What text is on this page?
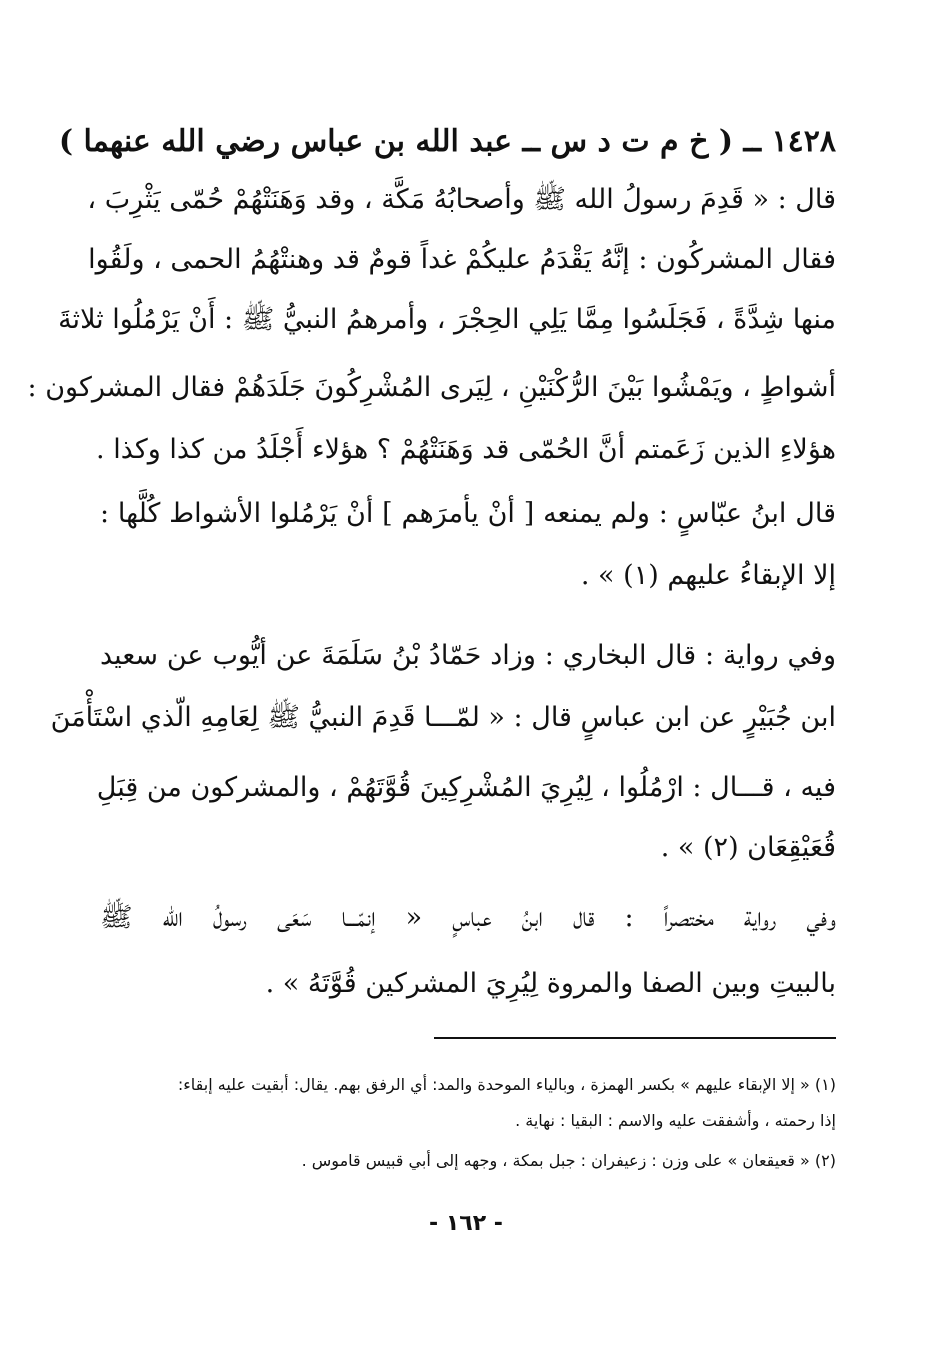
١٤٢٨ ــ ( خ م ت د س ــ عبد الله بن عباس رضي الله عنهما )
قال : « قَدِمَ رسولُ الله ﷺ وأصحابُهُ مَكَّة ، وقد وَهَنَتْهُمْ حُمّى يَثْرِبَ ،
فقال المشركُون : إنَّهُ يَقْدَمُ عليكُمْ غداً قومٌ قد وهنتْهُمُ الحمى ، ولَقُوا
منها شِدَّةً ، فَجَلَسُوا مِمَّا يَلِي الحِجْرَ ، وأمرهمُ النبيُّ ﷺ : أَنْ يَرْمُلُوا ثلاثةَ
أشواطٍ ، ويَمْشُوا بَيْنَ الرُّكْنَيْنِ ، لِيَرى المُشْرِكُونَ جَلَدَهُمْ فقال المشركون :
هؤلاءِ الذين زَعَمتم أنَّ الحُمّى قد وَهَنَتْهُمْ ؟ هؤلاء أَجْلَدُ من كذا وكذا .
قال ابنُ عبّاسٍ : ولم يمنعه [ أنْ يأمرَهم ] أنْ يَرْمُلوا الأشواط كُلَّها :
إلا الإبقاءُ عليهم (١) » .
وفي رواية : قال البخاري : وزاد حَمّادُ بْنُ سَلَمَةَ عن أيُّوب عن سعيد
ابن جُبَيْرٍ عن ابن عباسٍ قال : « لمّـــا قَدِمَ النبيُّ ﷺ لِعَامِهِ الّذي اسْتَأْمَنَ
فيه ، قـــال : ارْمُلُوا ، لِيُرِيَ المُشْرِكِينَ قُوَّتَهُمْ ، والمشركون من قِبَلِ
قُعَيْقِعَان (٢) » .
وفي رواية مختصراً : قال ابنُ عباسٍ « إنمّـــا سَعَى رسولُ الله ﷺ
بالبيتِ وبين الصفا والمروة لِيُرِيَ المشركين قُوَّتَهُ » .
(١) « إلا الإبقاء عليهم » بكسر الهمزة ، وبالياء الموحدة والمد: أي الرفق بهم. يقال: أبقيت عليه إبقاء:
إذا رحمته ، وأشفقت عليه والاسم : البقيا : نهاية .
(٢) « قعيقعان » على وزن : زعيفران : جبل بمكة ، وجهه إلى أبي قبيس قاموس .
- ١٦٢ -
